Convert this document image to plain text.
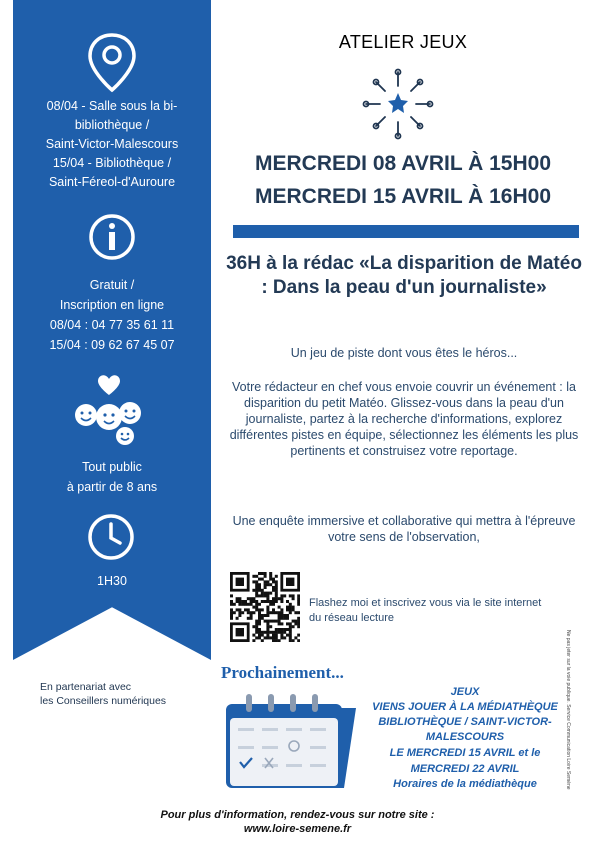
08/04 - Salle sous la bi-
bibliothèque /
Saint-Victor-Malescours
15/04 - Bibliothèque /
Saint-Féreol-d'Auroure
Gratuit /
Inscription en ligne
08/04 : 04 77 35 61 11
15/04 : 09 62 67 45 07
Tout public
à partir de 8 ans
1H30
ATELIER JEUX
MERCREDI 08 AVRIL À 15H00
MERCREDI 15 AVRIL À 16H00
36H à la rédac «La disparition de Matéo : Dans la peau d'un journaliste»
Un jeu de piste dont vous êtes le héros...
Votre rédacteur en chef vous envoie couvrir un événement : la disparition du petit Matéo. Glissez-vous dans la peau d'un journaliste, partez à la recherche d'informations, explorez différentes pistes en équipe, sélectionnez les éléments les plus pertinents et construisez votre reportage.
Une enquête immersive et collaborative qui mettra à l'épreuve votre sens de l'observation,
Flashez moi et inscrivez vous via le site internet du réseau lecture
En partenariat avec
les Conseillers numériques
Prochainement...
JEUX
VIENS JOUER À LA MÉDIATHÈQUE
BIBLIOTHÈQUE / SAINT-VICTOR-
MALESCOURS
LE MERCREDI 15 AVRIL et le
MERCREDI 22 AVRIL
Horaires de la médiathèque
Pour plus d'information, rendez-vous sur notre site :
www.loire-semene.fr
Ne pas jeter sur la voie publique. Service Communication Loire Semène
